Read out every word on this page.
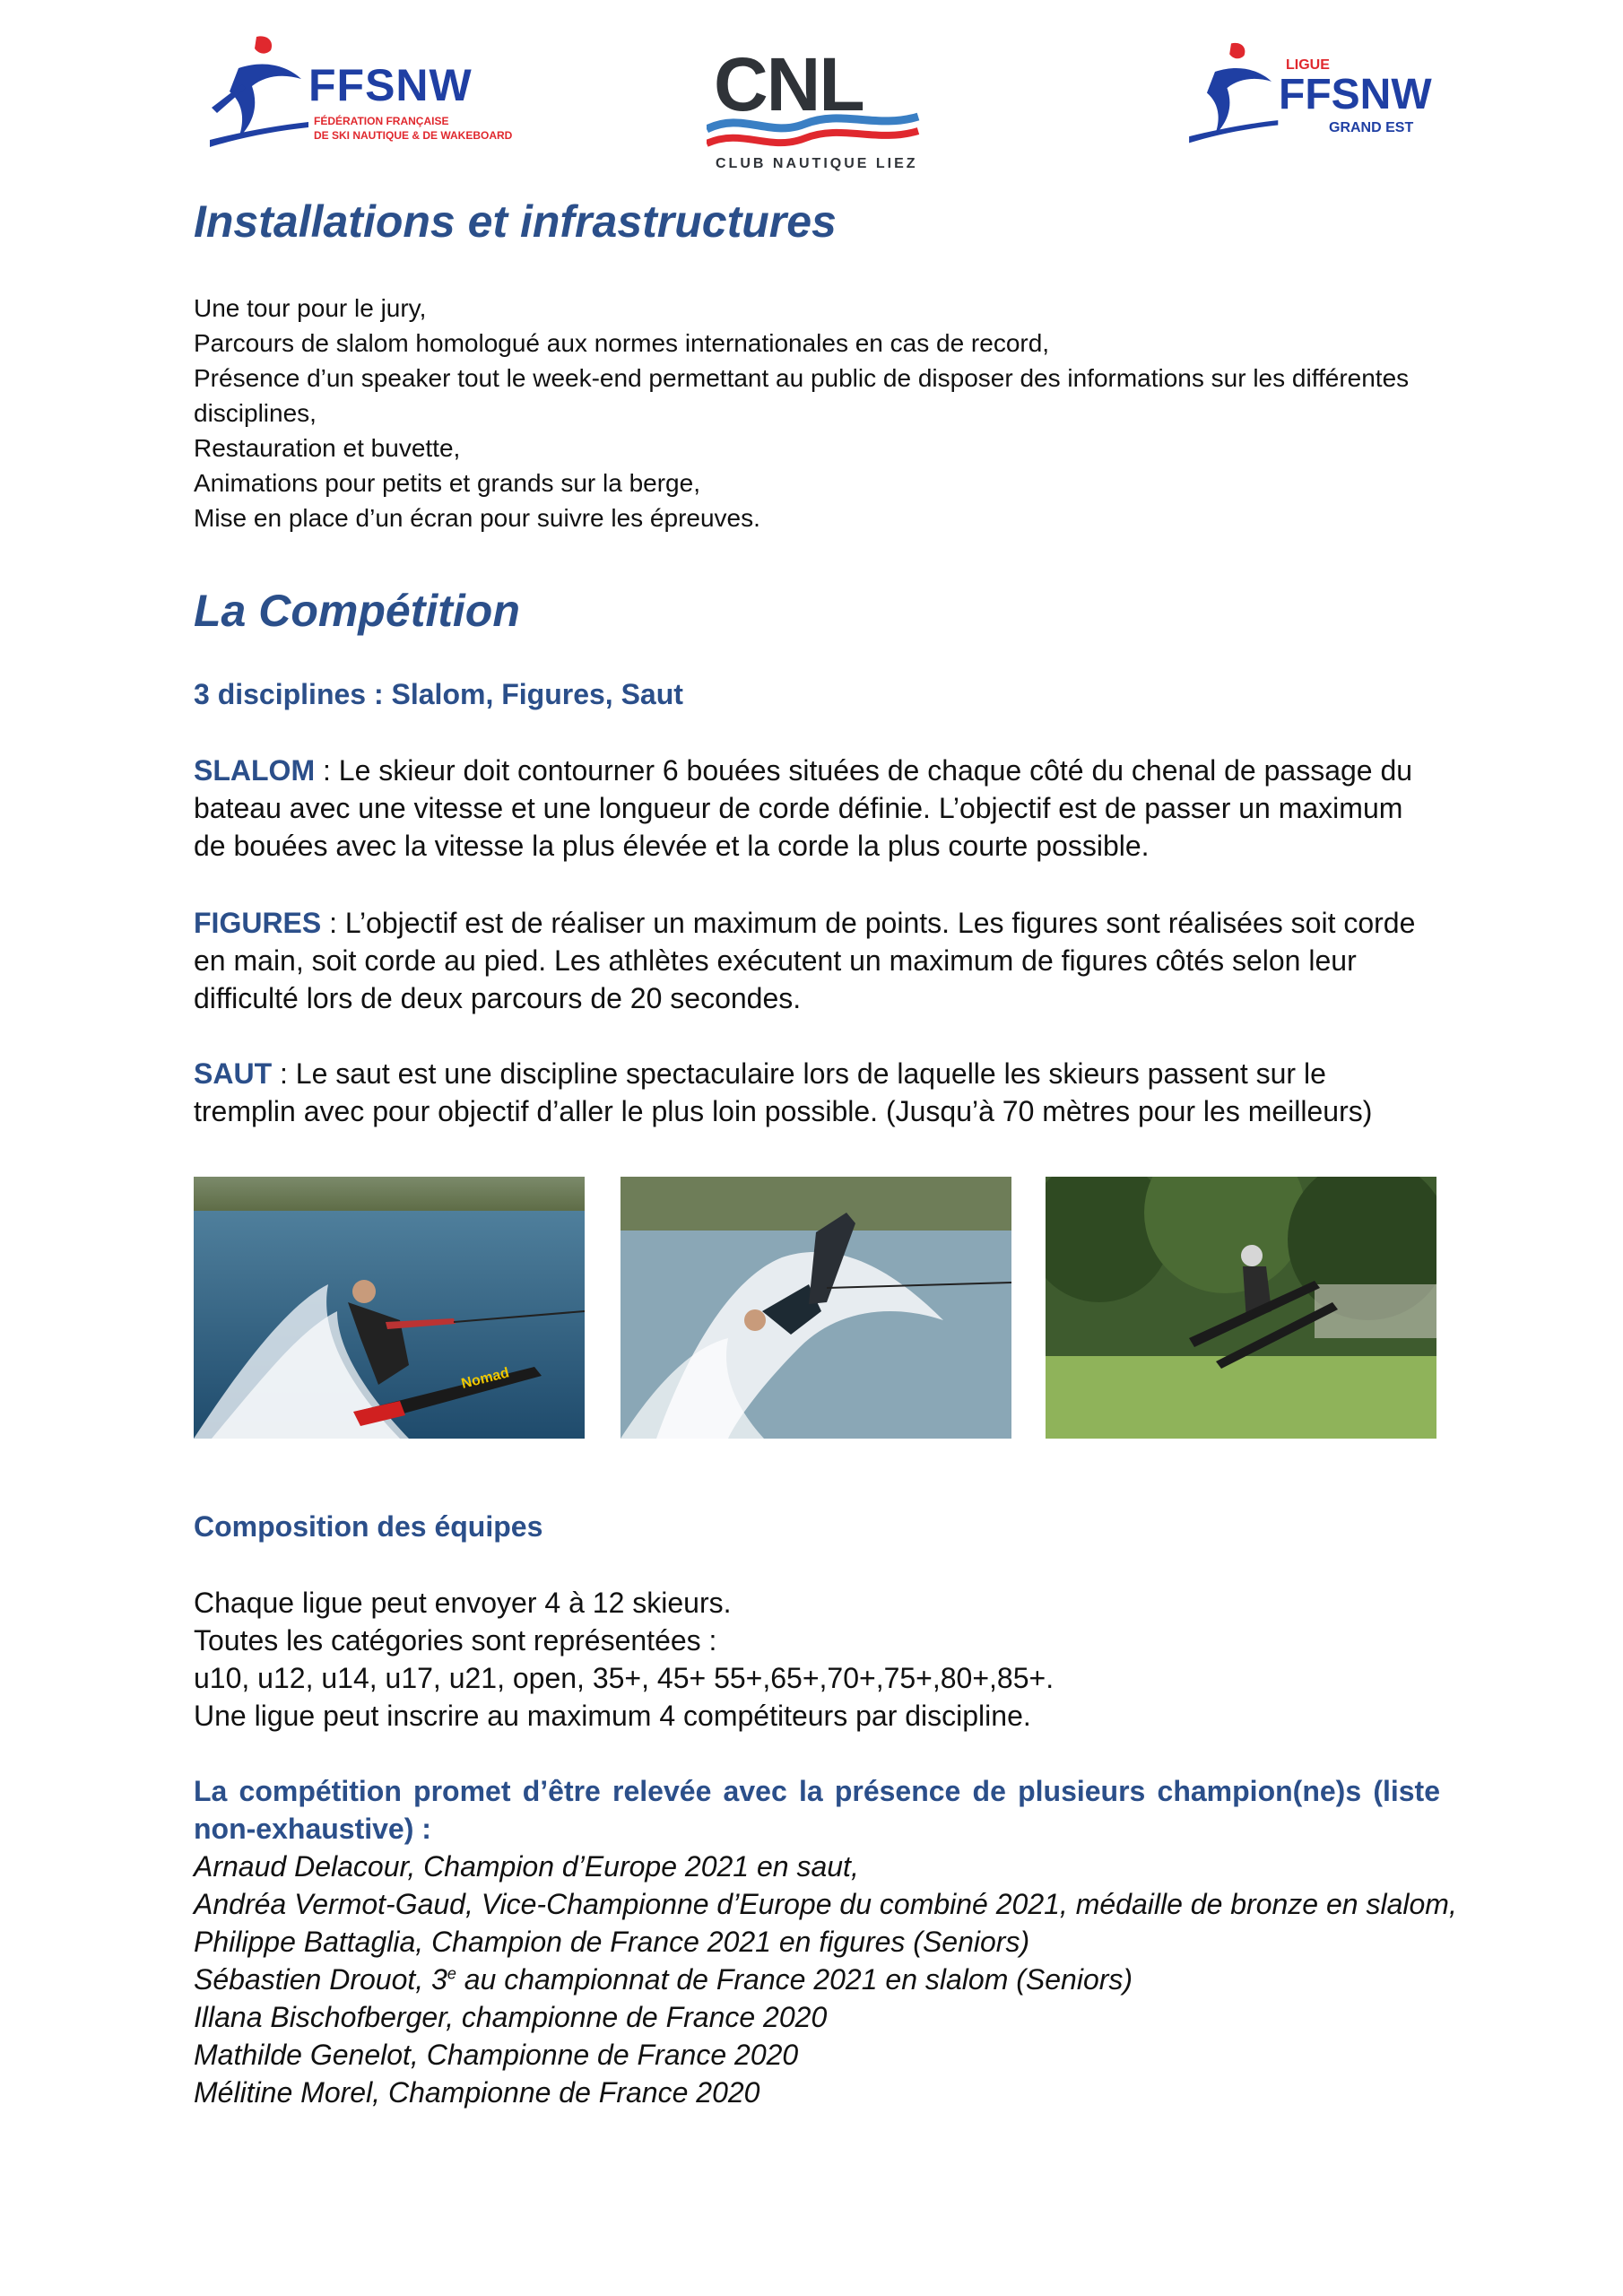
FFSNW
FÉDÉRATION FRANÇAISE
DE SKI NAUTIQUE & DE WAKEBOARD
CNL
CLUB NAUTIQUE LIEZ
LIGUE
FFSNW
GRAND EST
Installations et infrastructures
Une tour pour le jury,
Parcours de slalom homologué aux normes internationales en cas de record,
Présence d’un speaker tout le week-end permettant au public de disposer des informations sur les différentes
disciplines,
Restauration et buvette,
Animations pour petits et grands sur la berge,
Mise en place d’un écran pour suivre les épreuves.
La Compétition
3 disciplines : Slalom, Figures, Saut

SLALOM : Le skieur doit contourner 6 bouées situées de chaque côté du chenal de passage du bateau avec une vitesse et une longueur de corde définie. L’objectif est de passer un maximum de bouées avec la vitesse la plus élevée et la corde la plus courte possible.

FIGURES : L’objectif est de réaliser un maximum de points. Les figures sont réalisées soit corde en main, soit corde au pied. Les athlètes exécutent un maximum de figures côtés selon leur difficulté lors de deux parcours de 20 secondes.

SAUT : Le saut est une discipline spectaculaire lors de laquelle les skieurs passent sur le tremplin avec pour objectif d’aller le plus loin possible. (Jusqu’à 70 mètres pour les meilleurs)

Nomad
Composition des équipes
Chaque ligue peut envoyer 4 à 12 skieurs.
Toutes les catégories sont représentées :
u10, u12, u14, u17, u21, open, 35+, 45+ 55+,65+,70+,75+,80+,85+.
Une ligue peut inscrire au maximum 4 compétiteurs par discipline.

La compétition promet d’être relevée avec la présence de plusieurs champion(ne)s (liste non-exhaustive) :

Arnaud Delacour, Champion d’Europe 2021 en saut,
Andréa Vermot-Gaud, Vice-Championne d’Europe du combiné 2021, médaille de bronze en slalom,
Philippe Battaglia, Champion de France 2021 en figures (Seniors)
Sébastien Drouot, 3e au championnat de France 2021 en slalom (Seniors)
Illana Bischofberger, championne de France 2020
Mathilde Genelot, Championne de France 2020
Mélitine Morel, Championne de France 2020
